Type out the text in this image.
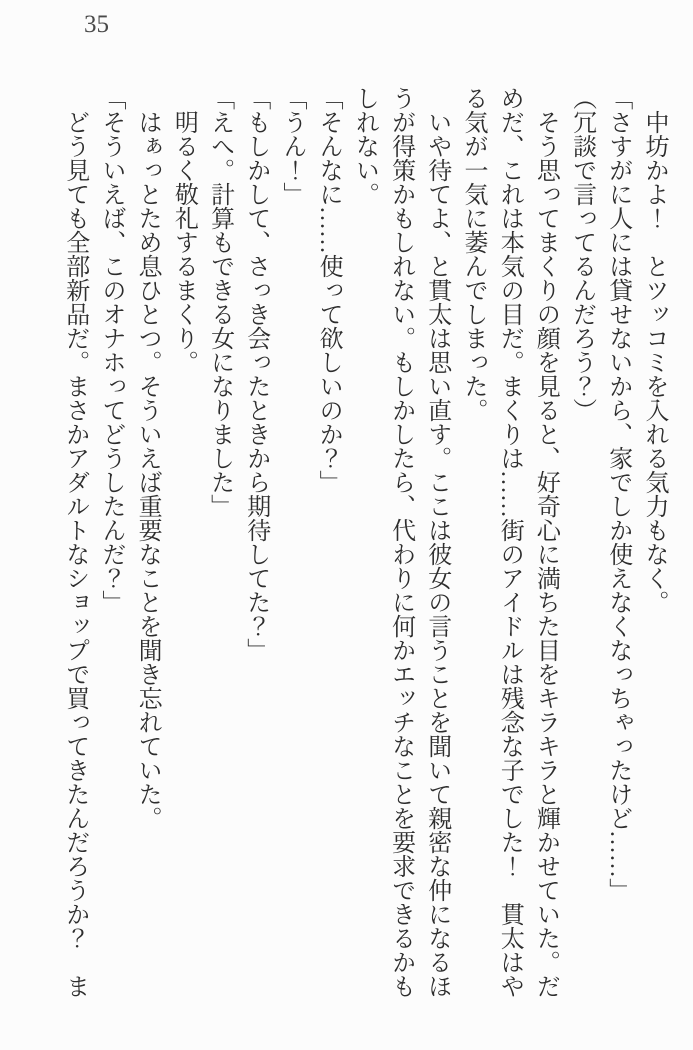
35

　中坊かよ！　とツッコミを入れる気力もなく。

「さすがに人には貸せないから、家でしか使えなくなっちゃったけど……」

（冗談で言ってるんだろう？）

　そう思ってまくりの顔を見ると、好奇心に満ちた目をキラキラと輝かせていた。だめだ、これは本気の目だ。まくりは……街のアイドルは残念な子でした！　貫太はやる気が一気に萎んでしまった。

　いや待てよ、と貫太は思い直す。ここは彼女の言うことを聞いて親密な仲になるほうが得策かもしれない。もしかしたら、代わりに何かエッチなことを要求できるかもしれない。

「そんなに……使って欲しいのか？」

「うん！」

「もしかして、さっき会ったときから期待してた？」

「えへ。計算もできる女になりました」

　明るく敬礼するまくり。

　はぁっとため息ひとつ。そういえば重要なことを聞き忘れていた。

「そういえば、このオナホってどうしたんだ？」

　どう見ても全部新品だ。まさかアダルトなショップで買ってきたんだろうか？　ま
